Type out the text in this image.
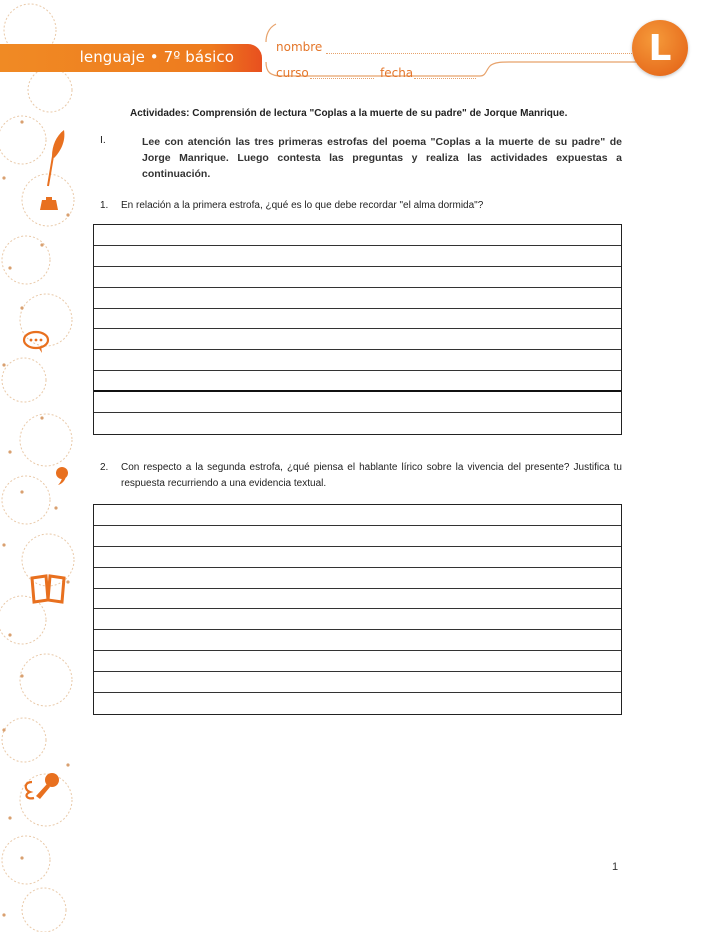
lenguaje • 7º básico
nombre
curso	fecha
L
Actividades: Comprensión de lectura "Coplas a la muerte de su padre" de Jorque Manrique.
I.	Lee con atención las tres primeras estrofas del poema "Coplas a la muerte de su padre" de Jorge Manrique. Luego contesta las preguntas y realiza las actividades expuestas a continuación.
1. En relación a la primera estrofa, ¿qué es lo que debe recordar "el alma dormida"?
2. Con respecto a la segunda estrofa, ¿qué piensa el hablante lírico sobre la vivencia del presente? Justifica tu respuesta recurriendo a una evidencia textual.
1
